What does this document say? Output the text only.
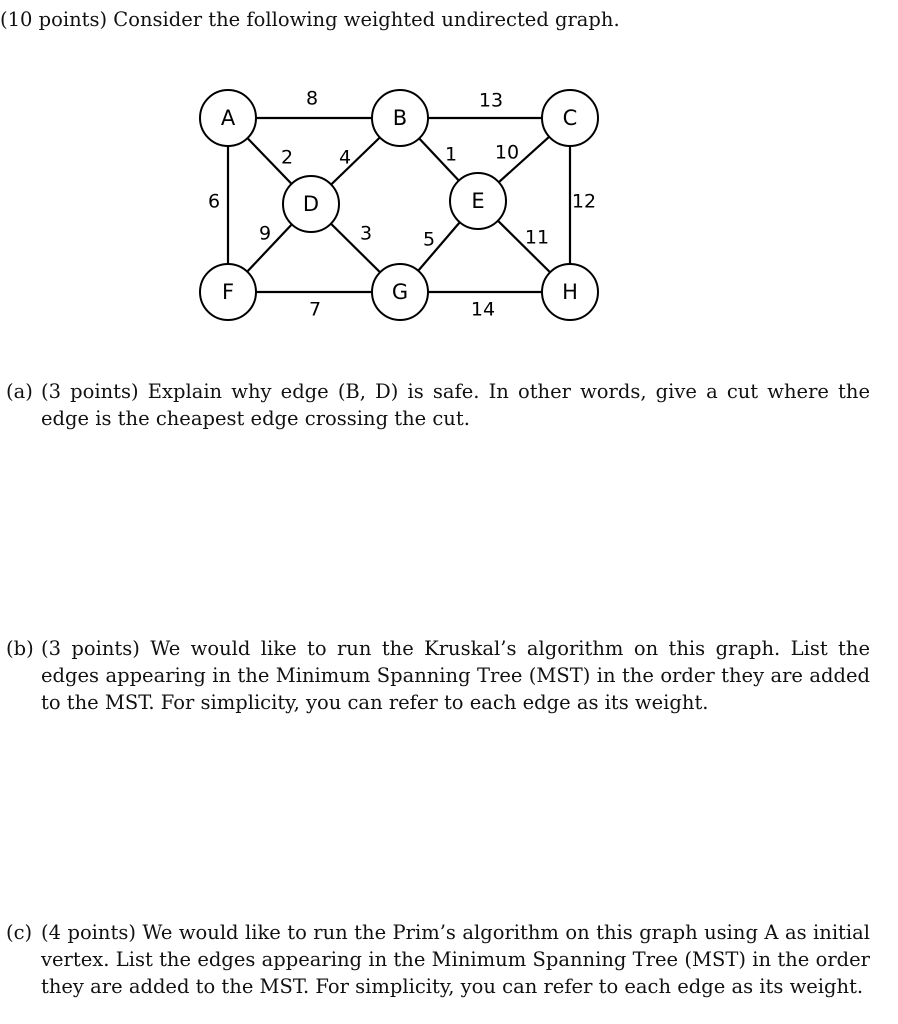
(10 points) Consider the following weighted undirected graph.
8	13
2 4	1 10
6	12
9	3	5	11
7	14
A	B	C
D	E
F	G	H
(a) (3 points) Explain why edge (B, D) is safe. In other words, give a cut where the edge is the cheapest edge crossing the cut.
(b) (3 points) We would like to run the Kruskal’s algorithm on this graph. List the edges appearing in the Minimum Spanning Tree (MST) in the order they are added to the MST. For simplicity, you can refer to each edge as its weight.
(c) (4 points) We would like to run the Prim’s algorithm on this graph using A as initial vertex. List the edges appearing in the Minimum Spanning Tree (MST) in the order they are added to the MST. For simplicity, you can refer to each edge as its weight.
